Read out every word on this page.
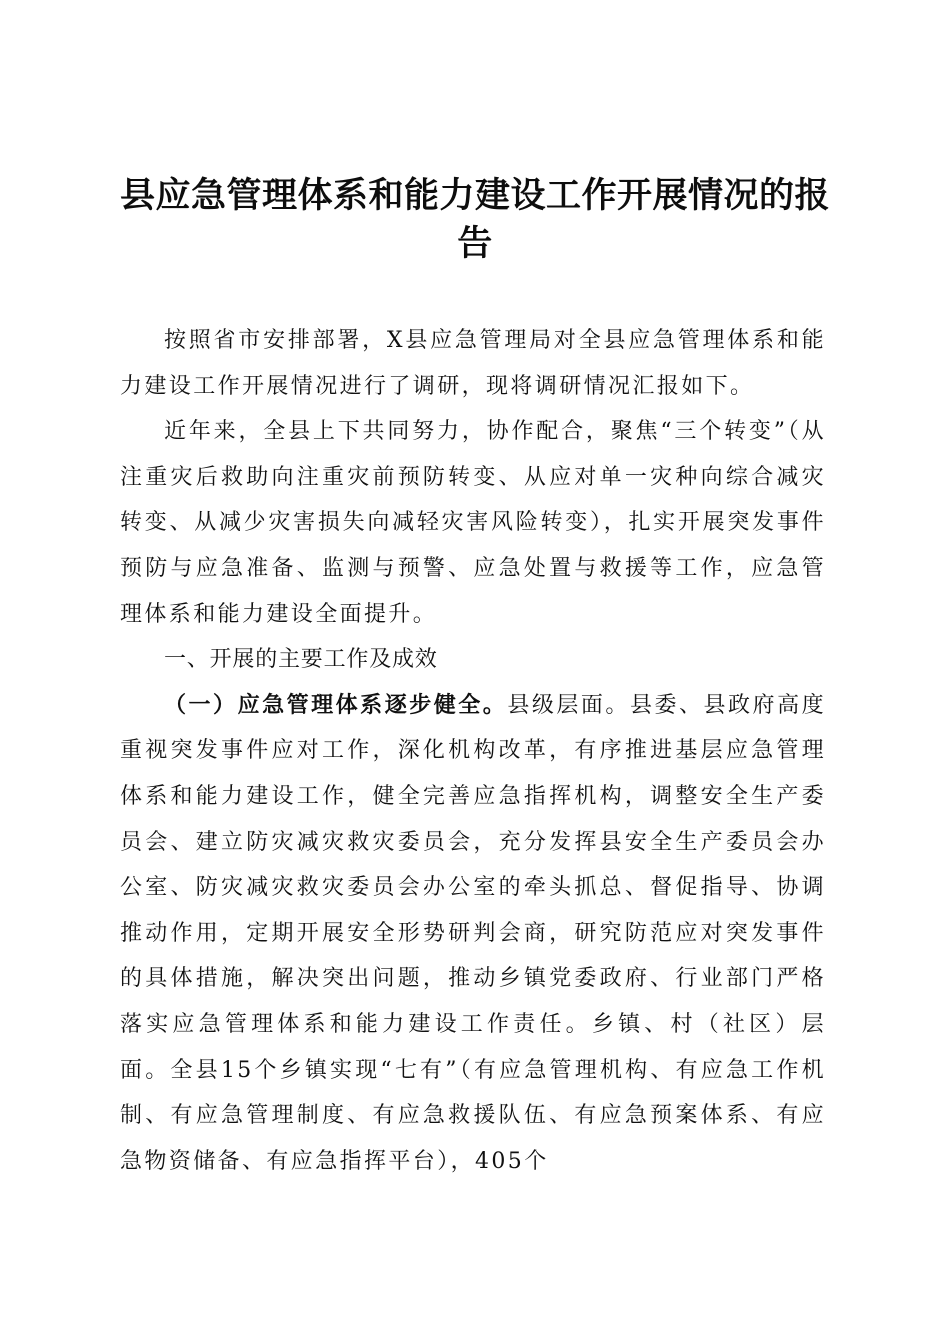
县应急管理体系和能力建设工作开展情况的报告

按照省市安排部署，X县应急管理局对全县应急管理体系和能力建设工作开展情况进行了调研，现将调研情况汇报如下。

近年来，全县上下共同努力，协作配合，聚焦“三个转变”（从注重灾后救助向注重灾前预防转变、从应对单一灾种向综合减灾转变、从减少灾害损失向减轻灾害风险转变），扎实开展突发事件预防与应急准备、监测与预警、应急处置与救援等工作，应急管理体系和能力建设全面提升。

一、开展的主要工作及成效

（一）应急管理体系逐步健全。县级层面。县委、县政府高度重视突发事件应对工作，深化机构改革，有序推进基层应急管理体系和能力建设工作，健全完善应急指挥机构，调整安全生产委员会、建立防灾减灾救灾委员会，充分发挥县安全生产委员会办公室、防灾减灾救灾委员会办公室的牵头抓总、督促指导、协调推动作用，定期开展安全形势研判会商，研究防范应对突发事件的具体措施，解决突出问题，推动乡镇党委政府、行业部门严格落实应急管理体系和能力建设工作责任。乡镇、村（社区）层面。全县15个乡镇实现“七有”（有应急管理机构、有应急工作机制、有应急管理制度、有应急救援队伍、有应急预案体系、有应急物资储备、有应急指挥平台），405个
